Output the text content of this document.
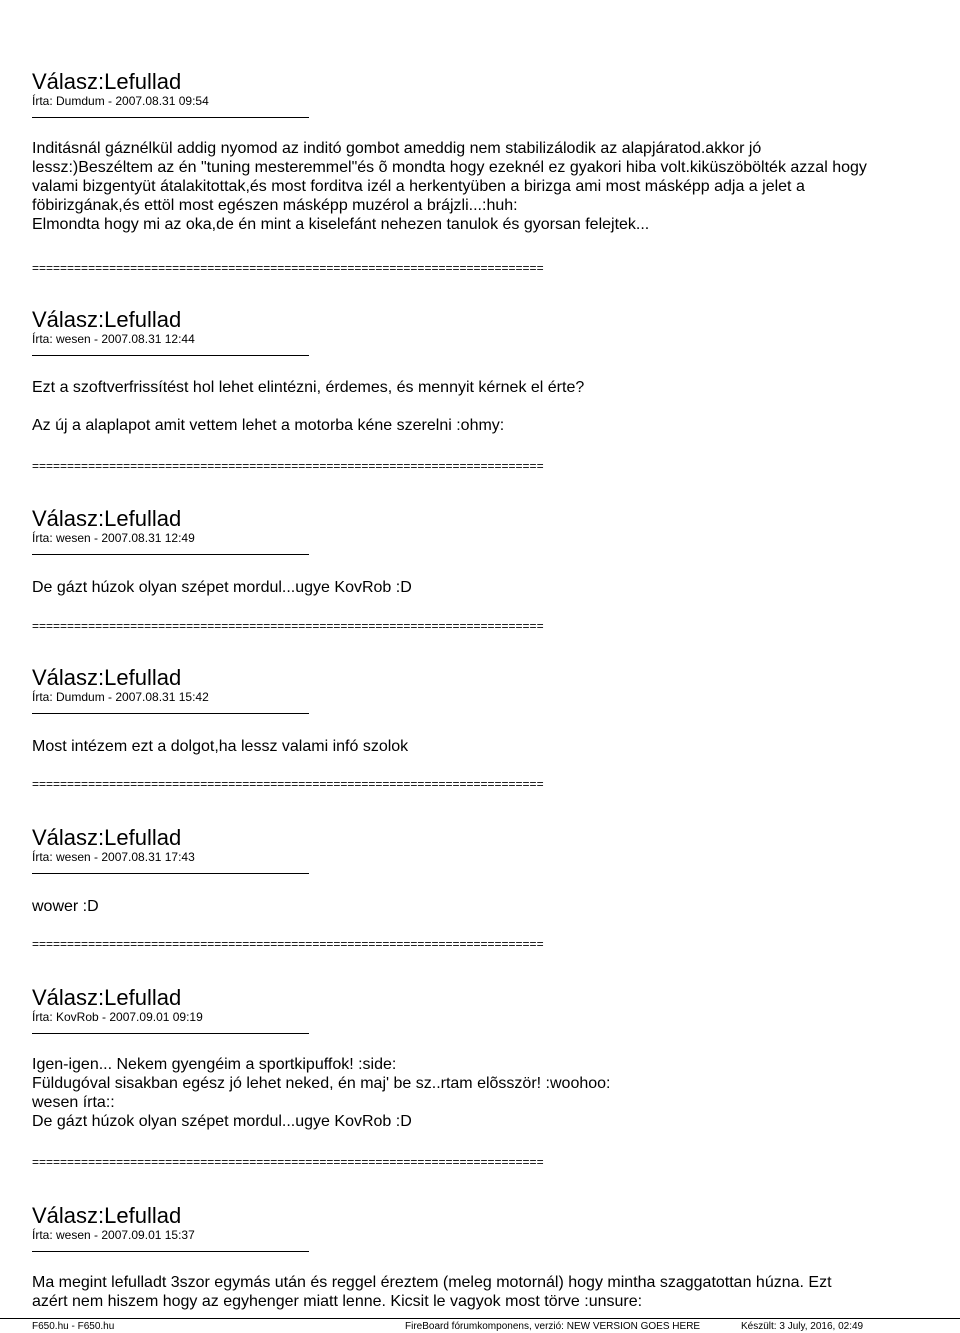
Válasz:Lefullad
Írta: Dumdum - 2007.08.31 09:54
Inditásnál gáznélkül addig nyomod az inditó gombot ameddig nem stabilizálodik az alapjáratod.akkor jó
lessz:)Beszéltem az én "tuning mesteremmel"és õ mondta hogy ezeknél ez gyakori hiba volt.kiküszöbölték azzal hogy
valami bizgentyüt átalakitottak,és most forditva izél a herkentyüben a birizga ami most másképp adja a jelet a
föbirizgának,és ettöl most egészen másképp muzérol a brájzli...:huh:
Elmondta hogy mi az oka,de én mint a kiselefánt nehezen tanulok és gyorsan felejtek...
=========================================================================
Válasz:Lefullad
Írta: wesen - 2007.08.31 12:44
Ezt a szoftverfrissítést hol lehet elintézni, érdemes, és mennyit kérnek el érte?
Az új a alaplapot amit vettem lehet a motorba kéne szerelni :ohmy:
=========================================================================
Válasz:Lefullad
Írta: wesen - 2007.08.31 12:49
De gázt húzok olyan szépet mordul...ugye KovRob :D
=========================================================================
Válasz:Lefullad
Írta: Dumdum - 2007.08.31 15:42
Most intézem ezt a dolgot,ha lessz valami infó szolok
=========================================================================
Válasz:Lefullad
Írta: wesen - 2007.08.31 17:43
wower :D
=========================================================================
Válasz:Lefullad
Írta: KovRob - 2007.09.01 09:19
Igen-igen... Nekem gyengéim a sportkipuffok! :side:
Füldugóval sisakban egész jó lehet neked, én maj' be sz..rtam elõsször! :woohoo:
wesen írta::
De gázt húzok olyan szépet mordul...ugye KovRob :D
=========================================================================
Válasz:Lefullad
Írta: wesen - 2007.09.01 15:37
Ma megint lefulladt 3szor egymás után és reggel éreztem (meleg motornál) hogy mintha szaggatottan húzna. Ezt
azért nem hiszem hogy az egyhenger miatt lenne. Kicsit le vagyok most törve :unsure:
F650.hu - F650.hu	FireBoard fórumkomponens, verzió: NEW VERSION GOES HERE	Készült: 3 July, 2016, 02:49
